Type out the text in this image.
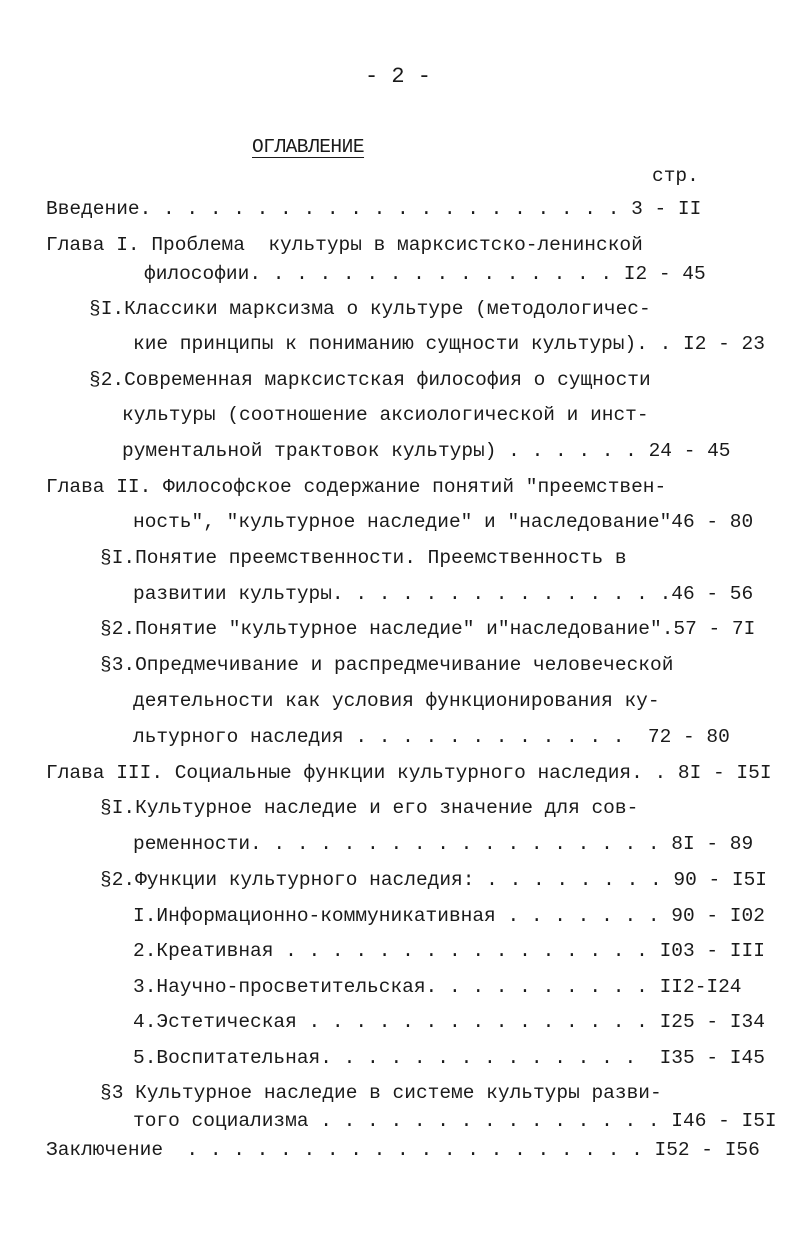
- 2 -
ОГЛАВЛЕНИЕ
стр.
Введение. . . . . . . . . . . . . . . . . . . . . 3 - II
Глава I. Проблема  культуры в марксистско-ленинской
философии. . . . . . . . . . . . . . . . I2 - 45
§I.Классики марксизма о культуре (методологичес-
кие принципы к пониманию сущности культуры). . I2 - 23
§2.Современная марксистская философия о сущности
культуры (соотношение аксиологической и инст-
рументальной трактовок культуры) . . . . . . 24 - 45
Глава II. Философское содержание понятий "преемствен-
ность", "культурное наследие" и "наследование"46 - 80
§I.Понятие преемственности. Преемственность в
развитии культуры. . . . . . . . . . . . . . .46 - 56
§2.Понятие "культурное наследие" и"наследование".57 - 7I
§3.Опредмечивание и распредмечивание человеческой
деятельности как условия функционирования ку-
льтурного наследия . . . . . . . . . . . .  72 - 80
Глава III. Социальные функции культурного наследия. . 8I - I5I
§I.Культурное наследие и его значение для сов-
ременности. . . . . . . . . . . . . . . . . . 8I - 89
§2.Функции культурного наследия: . . . . . . . . 90 - I5I
I.Информационно-коммуникативная . . . . . . . 90 - I02
2.Креативная . . . . . . . . . . . . . . . . I03 - III
3.Научно-просветительская. . . . . . . . . . II2-I24
4.Эстетическая . . . . . . . . . . . . . . . I25 - I34
5.Воспитательная. . . . . . . . . . . . . .  I35 - I45
§3 Культурное наследие в системе культуры разви-
того социализма . . . . . . . . . . . . . . . I46 - I5I
Заключение  . . . . . . . . . . . . . . . . . . . . I52 - I56
